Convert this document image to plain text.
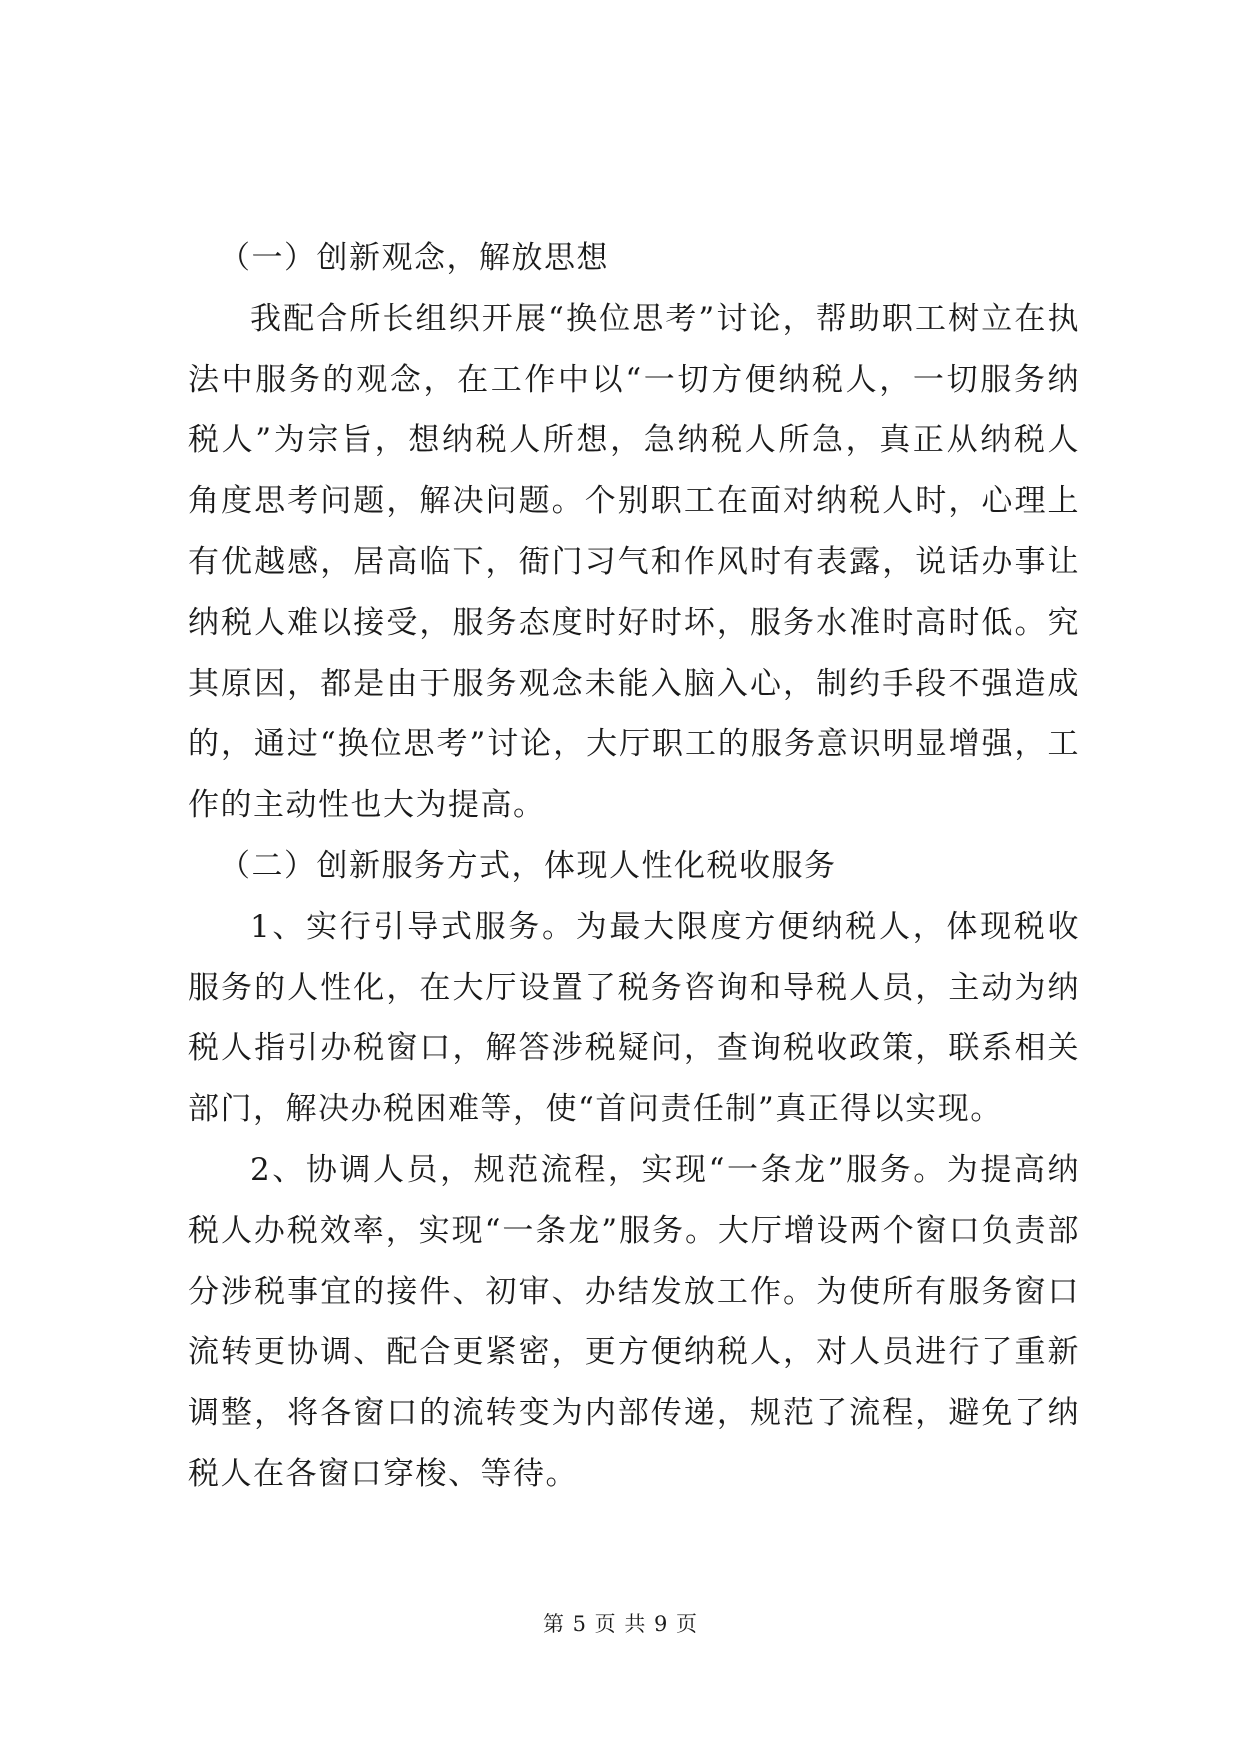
（一）创新观念，解放思想

我配合所长组织开展“换位思考”讨论，帮助职工树立在执法中服务的观念，在工作中以“一切方便纳税人，一切服务纳税人”为宗旨，想纳税人所想，急纳税人所急，真正从纳税人角度思考问题，解决问题。个别职工在面对纳税人时，心理上有优越感，居高临下，衙门习气和作风时有表露，说话办事让纳税人难以接受，服务态度时好时坏，服务水准时高时低。究其原因，都是由于服务观念未能入脑入心，制约手段不强造成的，通过“换位思考”讨论，大厅职工的服务意识明显增强，工作的主动性也大为提高。

（二）创新服务方式，体现人性化税收服务

1、实行引导式服务。为最大限度方便纳税人，体现税收服务的人性化，在大厅设置了税务咨询和导税人员，主动为纳税人指引办税窗口，解答涉税疑问，查询税收政策，联系相关部门，解决办税困难等，使“首问责任制”真正得以实现。

2、协调人员，规范流程，实现“一条龙”服务。为提高纳税人办税效率，实现“一条龙”服务。大厅增设两个窗口负责部分涉税事宜的接件、初审、办结发放工作。为使所有服务窗口流转更协调、配合更紧密，更方便纳税人，对人员进行了重新调整，将各窗口的流转变为内部传递，规范了流程，避免了纳税人在各窗口穿梭、等待。

第 5 页 共 9 页
